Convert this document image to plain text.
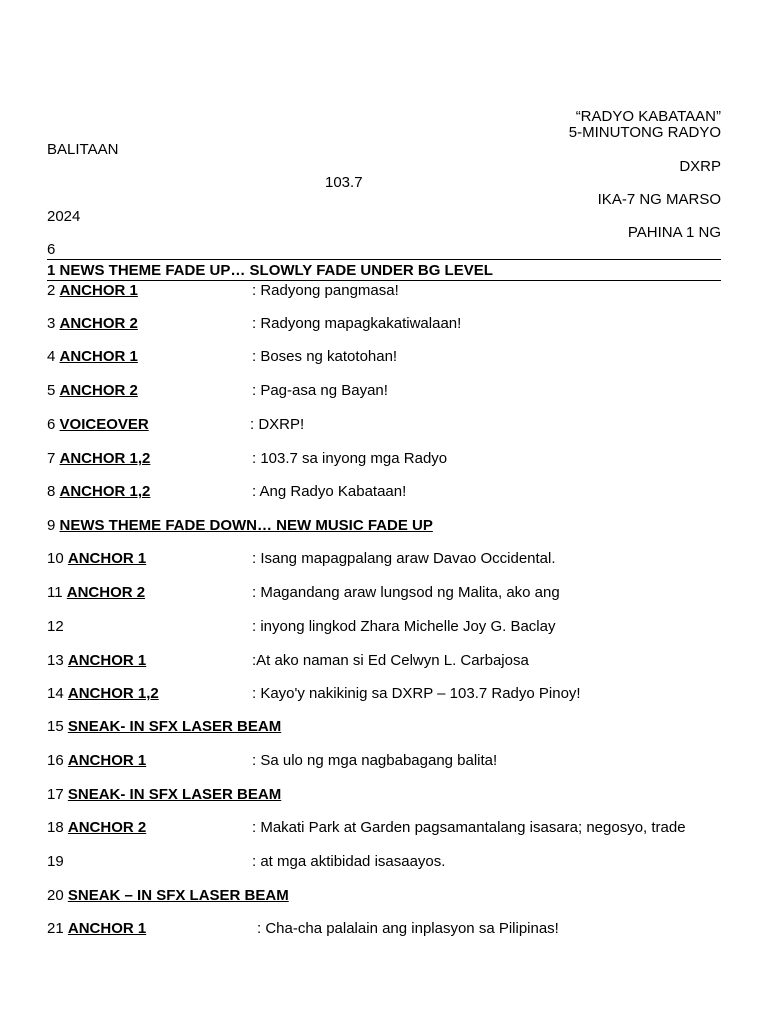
“RADYO KABATAAN”
5-MINUTONG RADYO
BALITAAN
DXRP
103.7
IKA-7 NG MARSO
2024
PAHINA 1 NG
6
1 NEWS THEME FADE UP… SLOWLY FADE UNDER BG LEVEL
2 ANCHOR 1	: Radyong pangmasa!
3 ANCHOR 2	: Radyong mapagkakatiwalaan!
4 ANCHOR 1	: Boses ng katotohan!
5 ANCHOR 2	: Pag-asa ng Bayan!
6 VOICEOVER	: DXRP!
7 ANCHOR 1,2	: 103.7 sa inyong mga Radyo
8 ANCHOR 1,2	: Ang Radyo Kabataan!
9 NEWS THEME FADE DOWN… NEW MUSIC FADE UP
10 ANCHOR 1	: Isang mapagpalang araw Davao Occidental.
11 ANCHOR 2	: Magandang araw lungsod ng Malita, ako ang
12	: inyong lingkod Zhara Michelle Joy G. Baclay
13 ANCHOR 1	:At ako naman si Ed Celwyn L. Carbajosa
14 ANCHOR 1,2	: Kayo'y nakikinig sa DXRP – 103.7 Radyo Pinoy!
15 SNEAK- IN SFX LASER BEAM
16 ANCHOR 1	: Sa ulo ng mga nagbabagang balita!
17 SNEAK- IN SFX LASER BEAM
18 ANCHOR 2	: Makati Park at Garden pagsamantalang isasara; negosyo, trade
19	: at mga aktibidad isasaayos.
20 SNEAK – IN SFX LASER BEAM
21 ANCHOR 1	: Cha-cha palalain ang inplasyon sa Pilipinas!
